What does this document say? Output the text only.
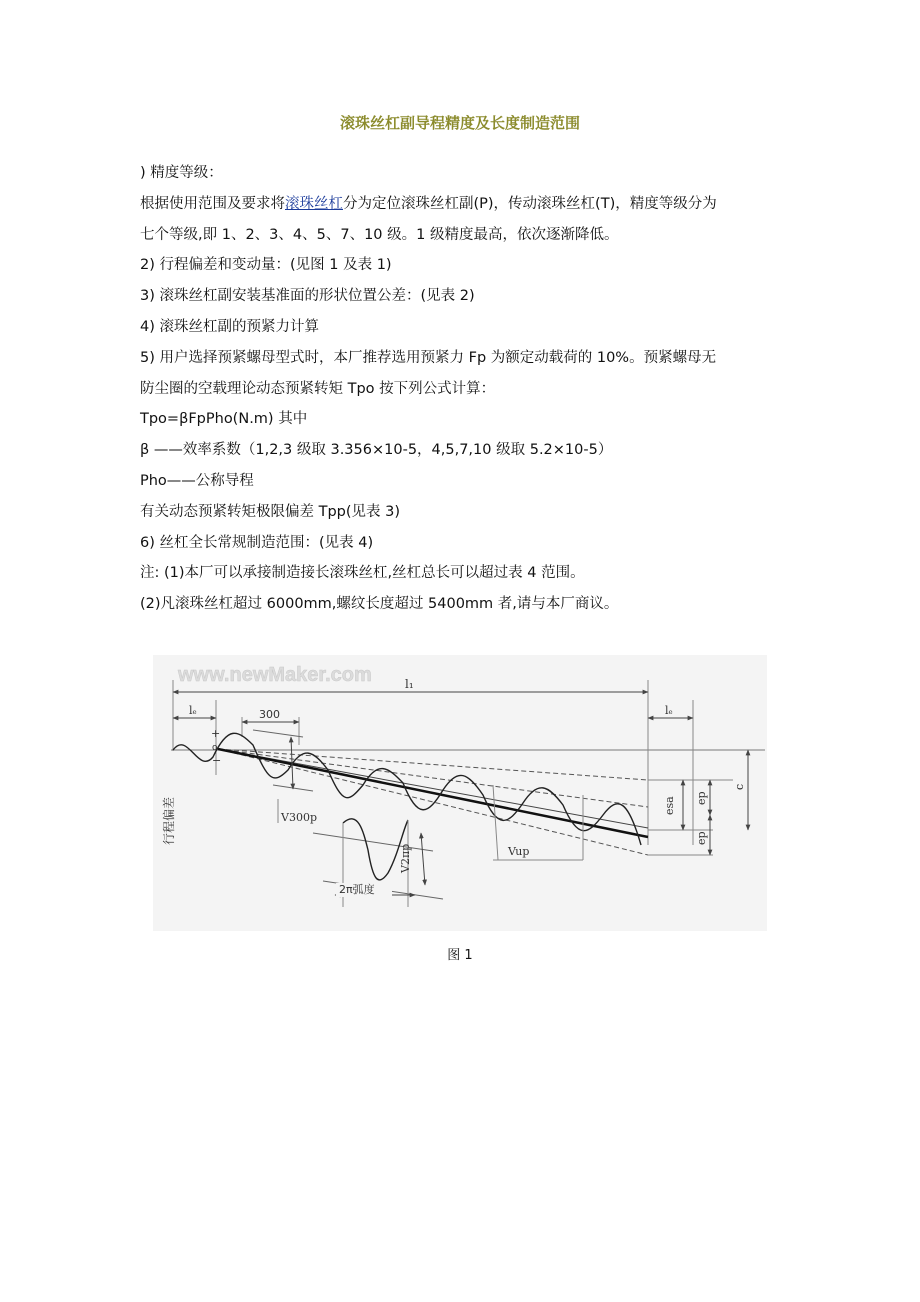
滚珠丝杠副导程精度及长度制造范围
) 精度等级：
根据使用范围及要求将滚珠丝杠分为定位滚珠丝杠副(P)，传动滚珠丝杠(T)，精度等级分为
七个等级,即 1、2、3、4、5、7、10 级。1 级精度最高，依次逐渐降低。
2) 行程偏差和变动量：(见图 1 及表 1)
3) 滚珠丝杠副安装基准面的形状位置公差：(见表 2)
4) 滚珠丝杠副的预紧力计算
5) 用户选择预紧螺母型式时，本厂推荐选用预紧力 Fp 为额定动载荷的 10%。预紧螺母无
防尘圈的空载理论动态预紧转矩 Tpo 按下列公式计算：
Tpo=βFpPho(N.m) 其中
β ——效率系数（1,2,3 级取 3.356×10-5，4,5,7,10 级取 5.2×10-5）
Pho——公称导程
有关动态预紧转矩极限偏差 Tpp(见表 3)
6) 丝杠全长常规制造范围：(见表 4)
注: (1)本厂可以承接制造接长滚珠丝杠,丝杠总长可以超过表 4 范围。
(2)凡滚珠丝杠超过 6000mm,螺纹长度超过 5400mm 者,请与本厂商议。
www.newMaker.com	l₁
lₑ	lₑ
300
+
o
−
行程偏差	V300p
Vup
2π弧度
V2πp
esa ep
ep
c
图 1
